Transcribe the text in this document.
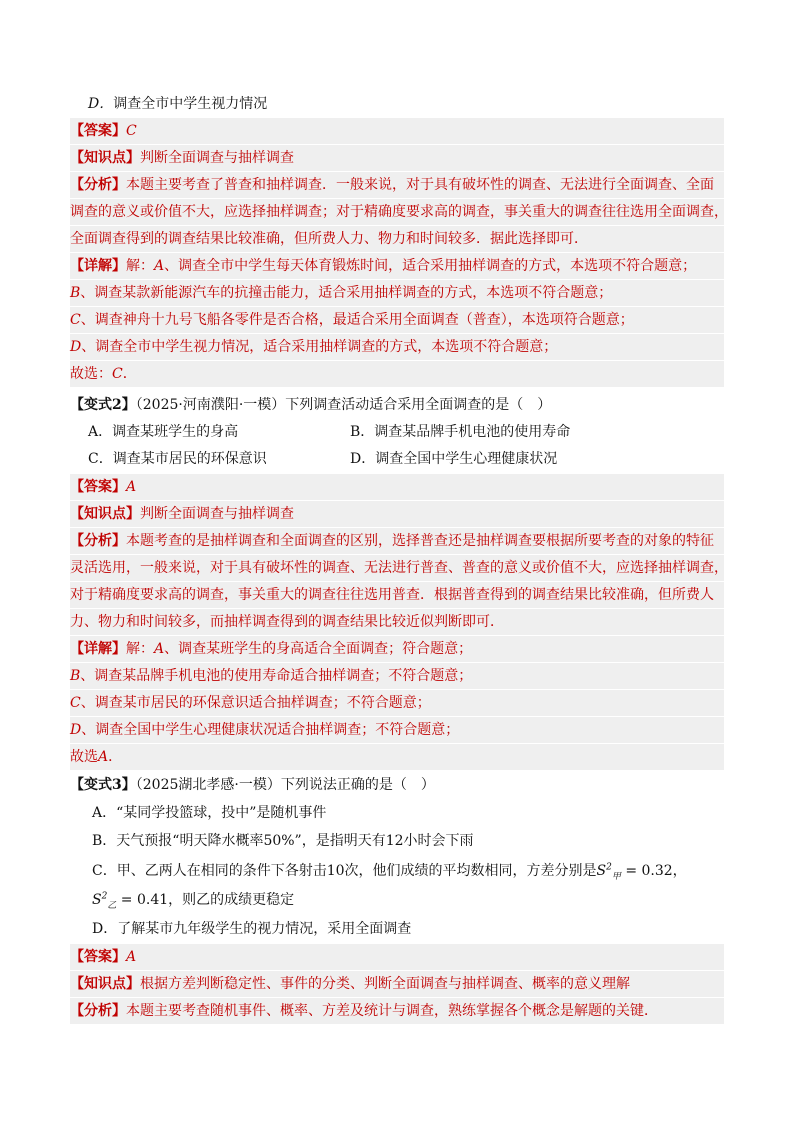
D．调查全市中学生视力情况
【答案】C
【知识点】判断全面调查与抽样调查
【分析】本题主要考查了普查和抽样调查．一般来说，对于具有破坏性的调查、无法进行全面调查、全面
调查的意义或价值不大，应选择抽样调查；对于精确度要求高的调查，事关重大的调查往往选用全面调查，
全面调查得到的调查结果比较准确，但所费人力、物力和时间较多．据此选择即可．
【详解】解：A、调查全市中学生每天体育锻炼时间，适合采用抽样调查的方式，本选项不符合题意；
B、调查某款新能源汽车的抗撞击能力，适合采用抽样调查的方式，本选项不符合题意；
C、调查神舟十九号飞船各零件是否合格，最适合采用全面调查（普查），本选项符合题意；
D、调查全市中学生视力情况，适合采用抽样调查的方式，本选项不符合题意；
故选：C．
【变式2】（2025·河南濮阳·一模）下列调查活动适合采用全面调查的是（　）
A．调查某班学生的身高	B．调查某品牌手机电池的使用寿命
C．调查某市居民的环保意识	D．调查全国中学生心理健康状况
【答案】A
【知识点】判断全面调查与抽样调查
【分析】本题考查的是抽样调查和全面调查的区别，选择普查还是抽样调查要根据所要考查的对象的特征
灵活选用，一般来说，对于具有破坏性的调查、无法进行普查、普查的意义或价值不大，应选择抽样调查，
对于精确度要求高的调查，事关重大的调查往往选用普查．根据普查得到的调查结果比较准确，但所费人
力、物力和时间较多，而抽样调查得到的调查结果比较近似判断即可．
【详解】解：A、调查某班学生的身高适合全面调查；符合题意；
B、调查某品牌手机电池的使用寿命适合抽样调查；不符合题意；
C、调查某市居民的环保意识适合抽样调查；不符合题意；
D、调查全国中学生心理健康状况适合抽样调查；不符合题意；
故选A．
【变式3】（2025湖北孝感·一模）下列说法正确的是（　）
A．“某同学投篮球，投中”是随机事件
B．天气预报“明天降水概率50%”，是指明天有12小时会下雨
C．甲、乙两人在相同的条件下各射击10次，他们成绩的平均数相同，方差分别是$S^2_甲 = 0.32$，
$S^2_乙 = 0.41$，则乙的成绩更稳定
D．了解某市九年级学生的视力情况，采用全面调查
【答案】A
【知识点】根据方差判断稳定性、事件的分类、判断全面调查与抽样调查、概率的意义理解
【分析】本题主要考查随机事件、概率、方差及统计与调查，熟练掌握各个概念是解题的关键．
